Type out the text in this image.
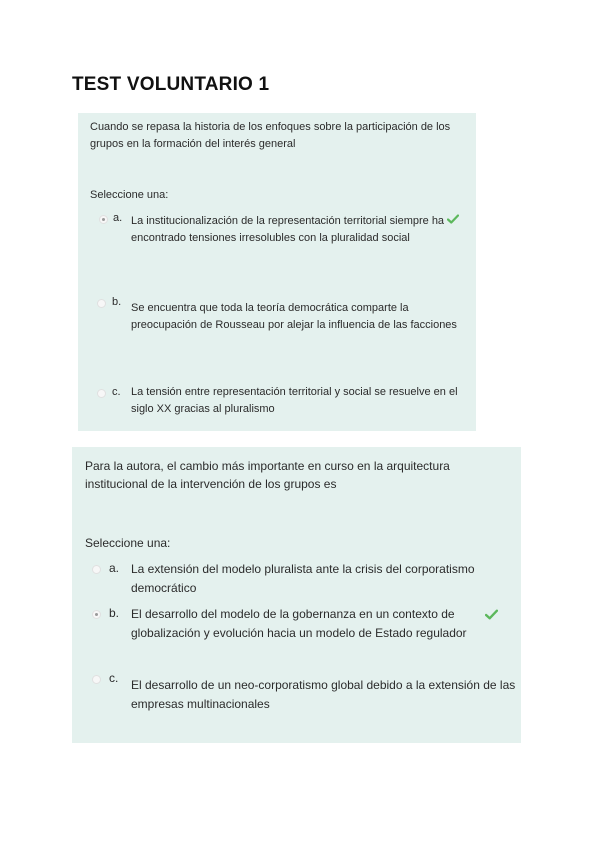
TEST VOLUNTARIO 1
Cuando se repasa la historia de los enfoques sobre la participación de los grupos en la formación del interés general
Seleccione una:
a. La institucionalización de la representación territorial siempre ha encontrado tensiones irresolubles con la pluralidad social
b. Se encuentra que toda la teoría democrática comparte la preocupación de Rousseau por alejar la influencia de las facciones
c. La tensión entre representación territorial y social se resuelve en el siglo XX gracias al pluralismo
Para la autora, el cambio más importante en curso en la arquitectura institucional de la intervención de los grupos es
Seleccione una:
a. La extensión del modelo pluralista ante la crisis del corporatismo democrático
b. El desarrollo del modelo de la gobernanza en un contexto de globalización y evolución hacia un modelo de Estado regulador
c. El desarrollo de un neo-corporatismo global debido a la extensión de las empresas multinacionales
